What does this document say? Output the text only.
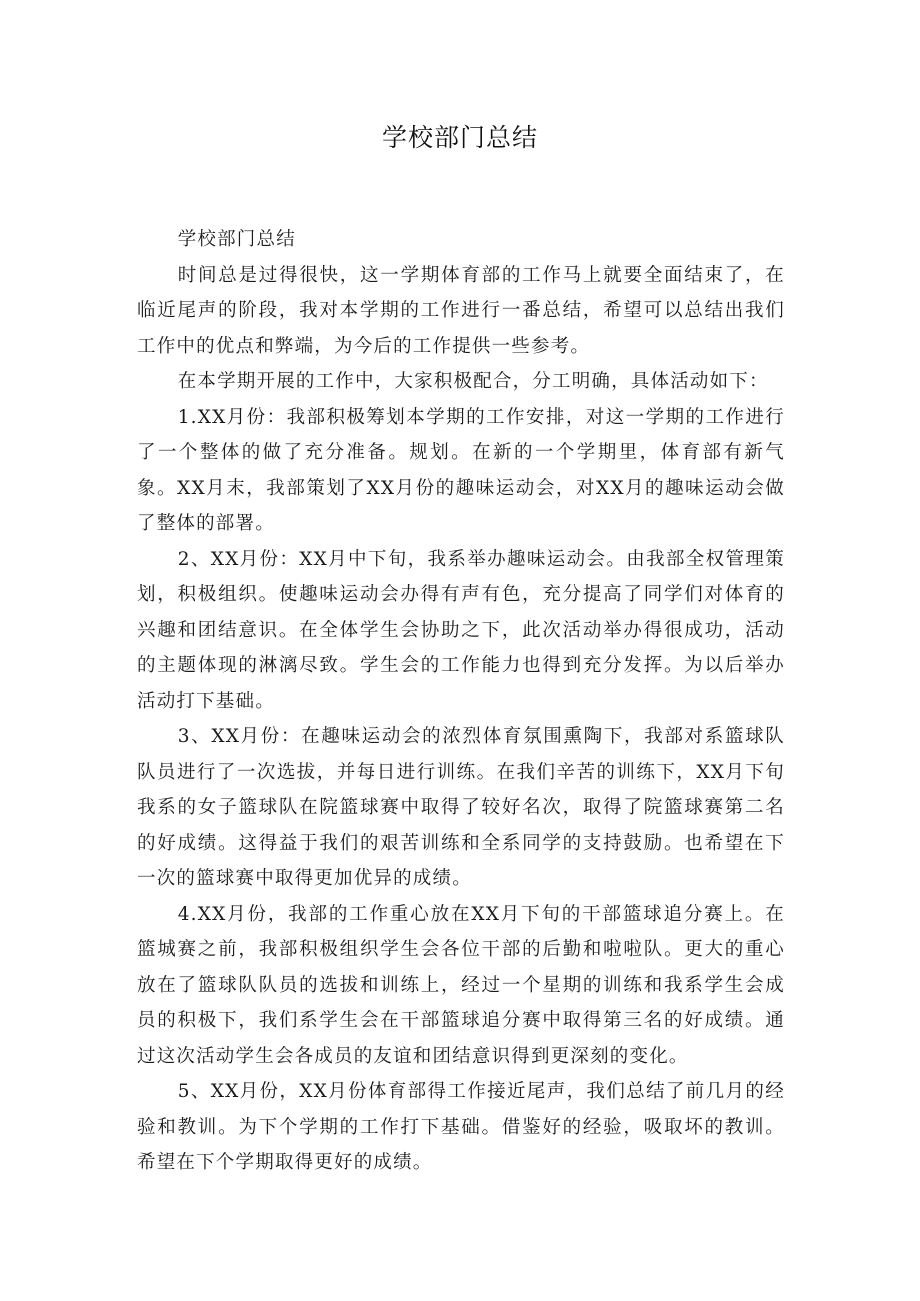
学校部门总结

学校部门总结

时间总是过得很快，这一学期体育部的工作马上就要全面结束了，在临近尾声的阶段，我对本学期的工作进行一番总结，希望可以总结出我们工作中的优点和弊端，为今后的工作提供一些参考。

在本学期开展的工作中，大家积极配合，分工明确，具体活动如下：

1.XX月份：我部积极筹划本学期的工作安排，对这一学期的工作进行了一个整体的做了充分准备。规划。在新的一个学期里，体育部有新气象。XX月末，我部策划了XX月份的趣味运动会，对XX月的趣味运动会做了整体的部署。

2、XX月份：XX月中下旬，我系举办趣味运动会。由我部全权管理策划，积极组织。使趣味运动会办得有声有色，充分提高了同学们对体育的兴趣和团结意识。在全体学生会协助之下，此次活动举办得很成功，活动的主题体现的淋漓尽致。学生会的工作能力也得到充分发挥。为以后举办活动打下基础。

3、XX月份：在趣味运动会的浓烈体育氛围熏陶下，我部对系篮球队队员进行了一次选拔，并每日进行训练。在我们辛苦的训练下，XX月下旬我系的女子篮球队在院篮球赛中取得了较好名次，取得了院篮球赛第二名的好成绩。这得益于我们的艰苦训练和全系同学的支持鼓励。也希望在下一次的篮球赛中取得更加优异的成绩。

4.XX月份，我部的工作重心放在XX月下旬的干部篮球追分赛上。在篮城赛之前，我部积极组织学生会各位干部的后勤和啦啦队。更大的重心放在了篮球队队员的选拔和训练上，经过一个星期的训练和我系学生会成员的积极下，我们系学生会在干部篮球追分赛中取得第三名的好成绩。通过这次活动学生会各成员的友谊和团结意识得到更深刻的变化。

5、XX月份，XX月份体育部得工作接近尾声，我们总结了前几月的经验和教训。为下个学期的工作打下基础。借鉴好的经验，吸取坏的教训。希望在下个学期取得更好的成绩。
